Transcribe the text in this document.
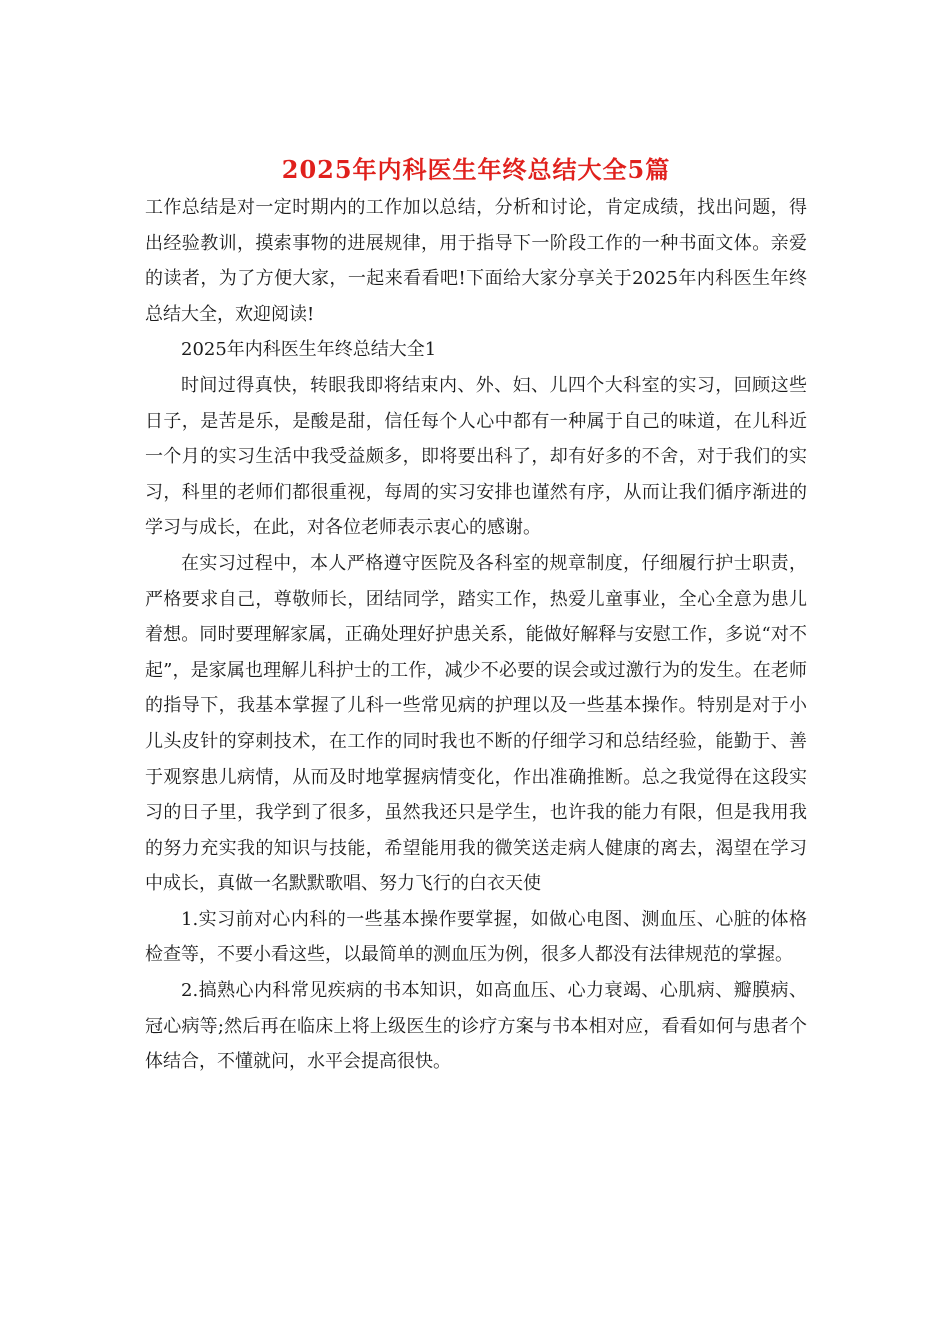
2025年内科医生年终总结大全5篇

工作总结是对一定时期内的工作加以总结，分析和讨论，肯定成绩，找出问题，得出经验教训，摸索事物的进展规律，用于指导下一阶段工作的一种书面文体。亲爱的读者，为了方便大家，一起来看看吧!下面给大家分享关于2025年内科医生年终总结大全，欢迎阅读!

2025年内科医生年终总结大全1

时间过得真快，转眼我即将结束内、外、妇、儿四个大科室的实习，回顾这些日子，是苦是乐，是酸是甜，信任每个人心中都有一种属于自己的味道，在儿科近一个月的实习生活中我受益颇多，即将要出科了，却有好多的不舍，对于我们的实习，科里的老师们都很重视，每周的实习安排也谨然有序，从而让我们循序渐进的学习与成长，在此，对各位老师表示衷心的感谢。

在实习过程中，本人严格遵守医院及各科室的规章制度，仔细履行护士职责，严格要求自己，尊敬师长，团结同学，踏实工作，热爱儿童事业，全心全意为患儿着想。同时要理解家属，正确处理好护患关系，能做好解释与安慰工作，多说“对不起”，是家属也理解儿科护士的工作，减少不必要的误会或过激行为的发生。在老师的指导下，我基本掌握了儿科一些常见病的护理以及一些基本操作。特别是对于小儿头皮针的穿刺技术，在工作的同时我也不断的仔细学习和总结经验，能勤于、善于观察患儿病情，从而及时地掌握病情变化，作出准确推断。总之我觉得在这段实习的日子里，我学到了很多，虽然我还只是学生，也许我的能力有限，但是我用我的努力充实我的知识与技能，希望能用我的微笑送走病人健康的离去，渴望在学习中成长，真做一名默默歌唱、努力飞行的白衣天使

1.实习前对心内科的一些基本操作要掌握，如做心电图、测血压、心脏的体格检查等，不要小看这些，以最简单的测血压为例，很多人都没有法律规范的掌握。

2.搞熟心内科常见疾病的书本知识，如高血压、心力衰竭、心肌病、瓣膜病、冠心病等;然后再在临床上将上级医生的诊疗方案与书本相对应，看看如何与患者个体结合，不懂就问，水平会提高很快。
